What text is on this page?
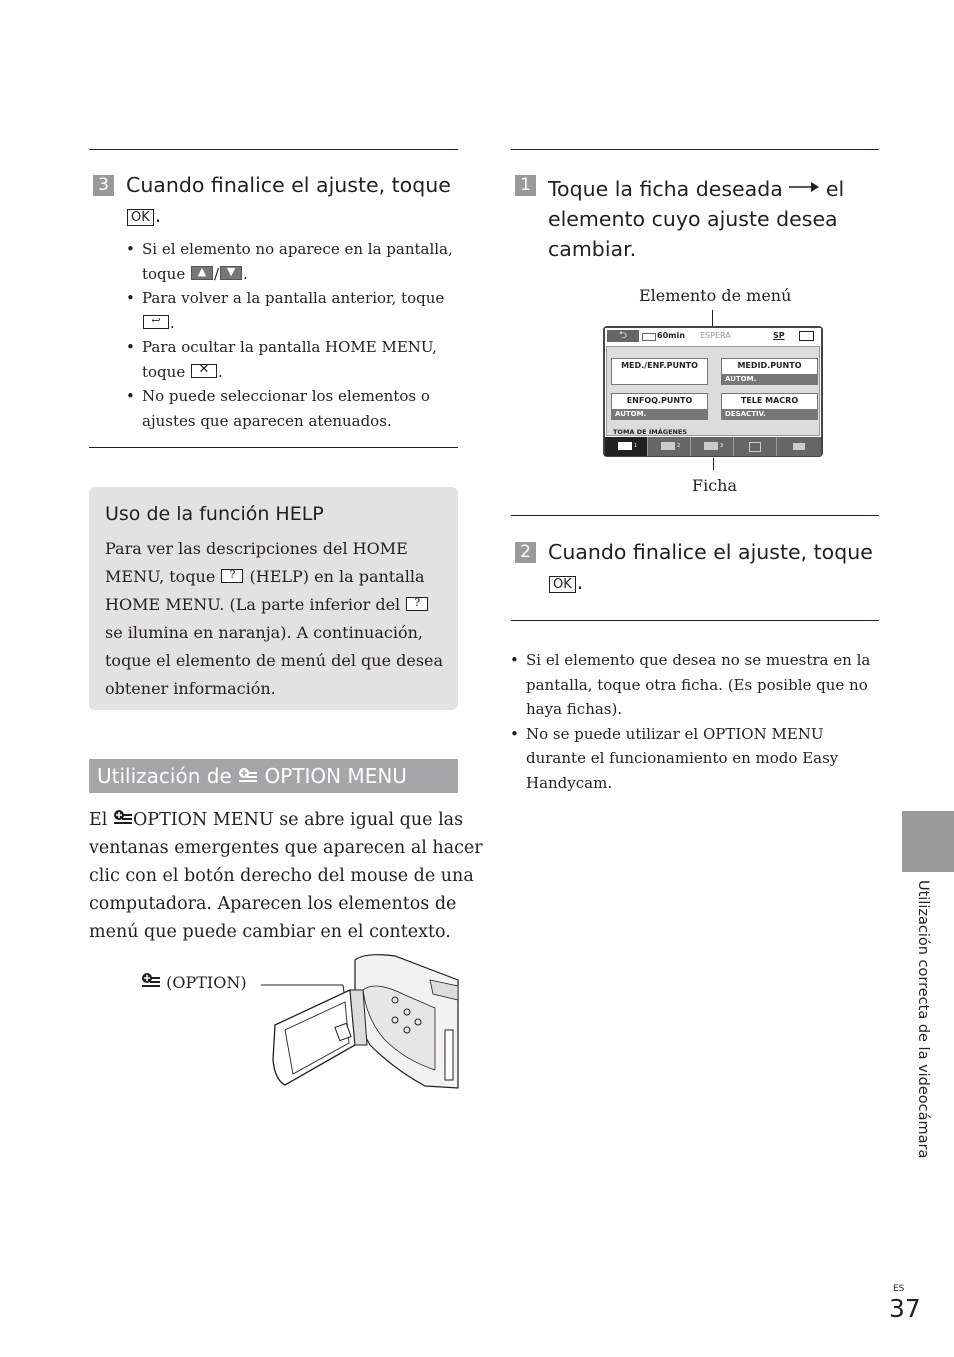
3 Cuando finalice el ajuste, toque
OK .
• Si el elemento no aparece en la pantalla,
toque	▲ / ▼ .
• Para volver a la pantalla anterior, toque

↩ .
• Para ocultar la pantalla HOME MENU,
toque	✕ .
• No puede seleccionar los elementos o
ajustes que aparecen atenuados.
Uso de la función HELP
Para ver las descripciones del HOME
MENU, toque	? (HELP) en la pantalla
HOME MENU. (La parte inferior del	?
se ilumina en naranja). A continuación,
toque el elemento de menú del que desea
obtener información.
Utilización de OPTION MENU
El OPTION MENU se abre igual que las
ventanas emergentes que aparecen al hacer
clic con el botón derecho del mouse de una
computadora. Aparecen los elementos de
menú que puede cambiar en el contexto.
(OPTION)
1 Toque la ficha deseada el
elemento cuyo ajuste desea
cambiar.
Elemento de menú
⮌	60min ESPERA	SP
MED./ENF.PUNTO	MEDID.PUNTO
AUTOM.
ENFOQ.PUNTO
AUTOM.
TELE MACRO
DESACTIV.
TOMA DE IMÁGENES
1	2	3
Ficha
2 Cuando finalice el ajuste, toque
OK .
• Si el elemento que desea no se muestra en la
pantalla, toque otra ficha. (Es posible que no
haya fichas).
• No se puede utilizar el OPTION MENU
durante el funcionamiento en modo Easy
Handycam.
Utilización correcta de la videocámara
ES
37
